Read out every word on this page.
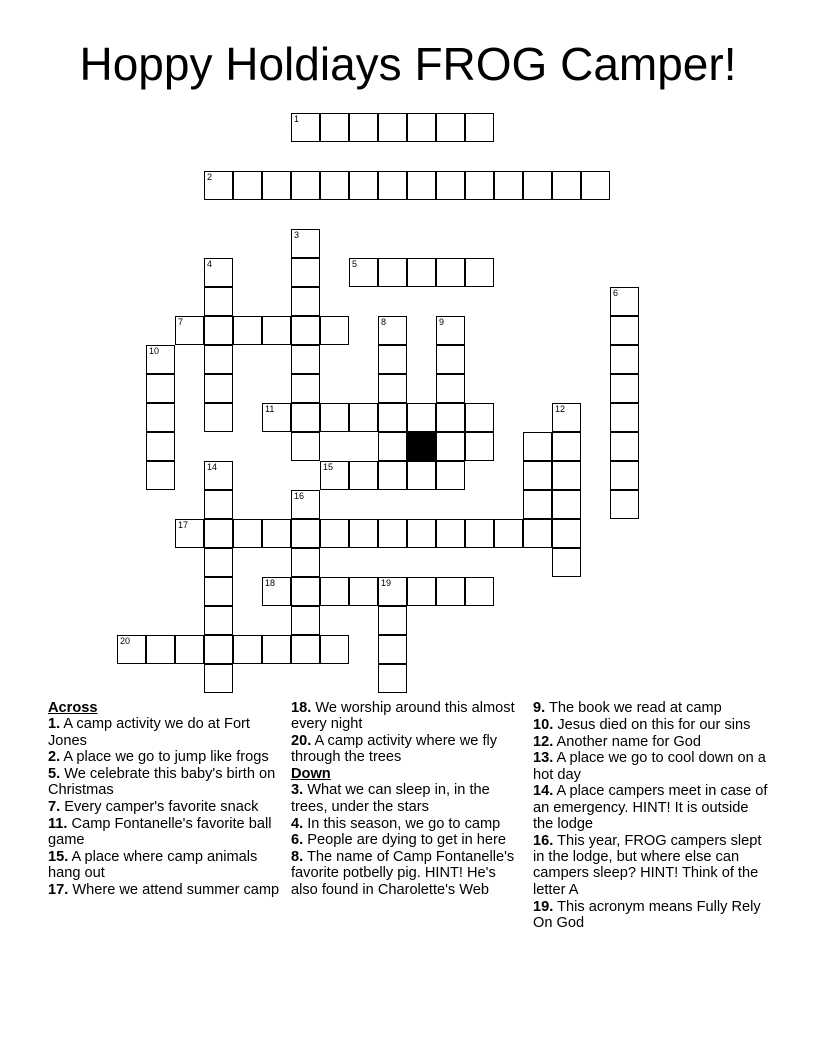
Hoppy Holdiays FROG Camper!
1
2
3
4	5
6
7	8	9
10
11	12
14	15
16
17
18	19
20
Across
1. A camp activity we do at Fort Jones
2. A place we go to jump like frogs
5. We celebrate this baby's birth on Christmas
7. Every camper's favorite snack
11. Camp Fontanelle's favorite ball game
15. A place where camp animals hang out
17. Where we attend summer camp
18. We worship around this almost every night
20. A camp activity where we fly through the trees
Down
3. What we can sleep in, in the trees, under the stars
4. In this season, we go to camp
6. People are dying to get in here
8. The name of Camp Fontanelle's favorite potbelly pig. HINT! He's also found in Charolette's Web
9. The book we read at camp
10. Jesus died on this for our sins
12. Another name for God
13. A place we go to cool down on a hot day
14. A place campers meet in case of an emergency. HINT! It is outside the lodge
16. This year, FROG campers slept in the lodge, but where else can campers sleep? HINT! Think of the letter A
19. This acronym means Fully Rely On God
